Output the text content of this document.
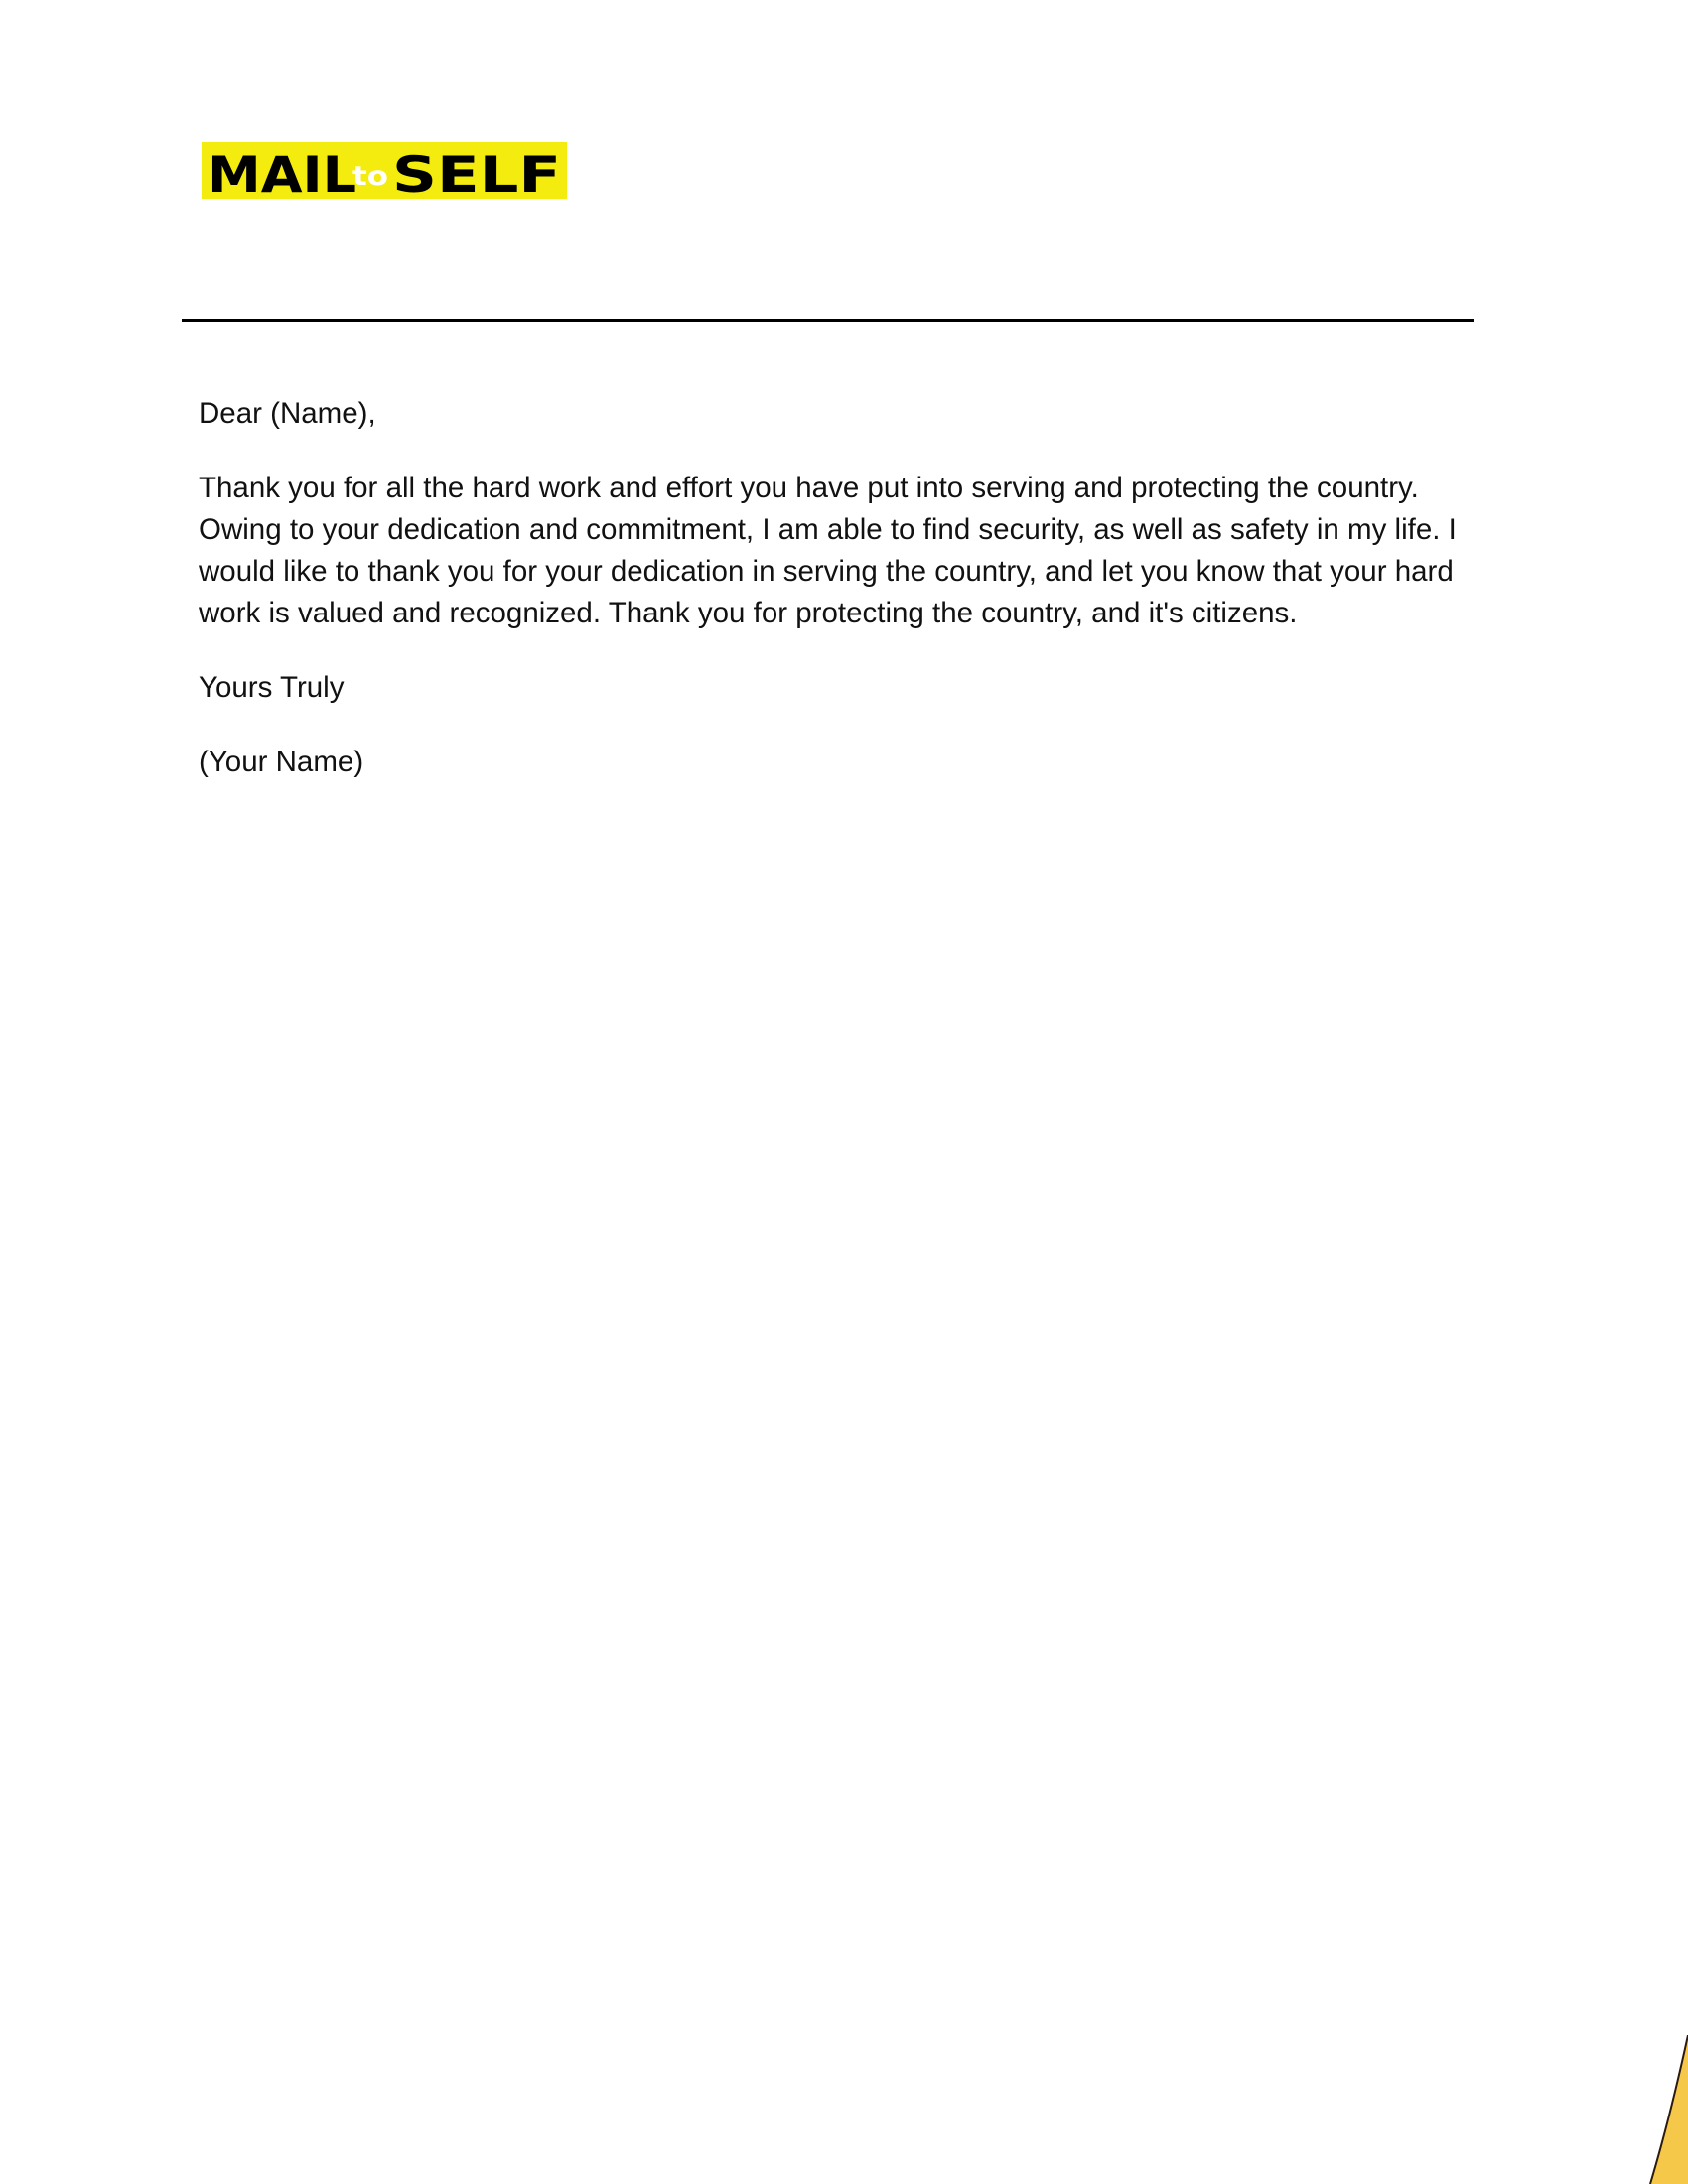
MAIL
to SELF

Dear (Name),

Thank you for all the hard work and effort you have put into serving and protecting the country. Owing to your dedication and commitment, I am able to find security, as well as safety in my life. I would like to thank you for your dedication in serving the country, and let you know that your hard work is valued and recognized. Thank you for protecting the country, and it's citizens.

Yours Truly

(Your Name)
